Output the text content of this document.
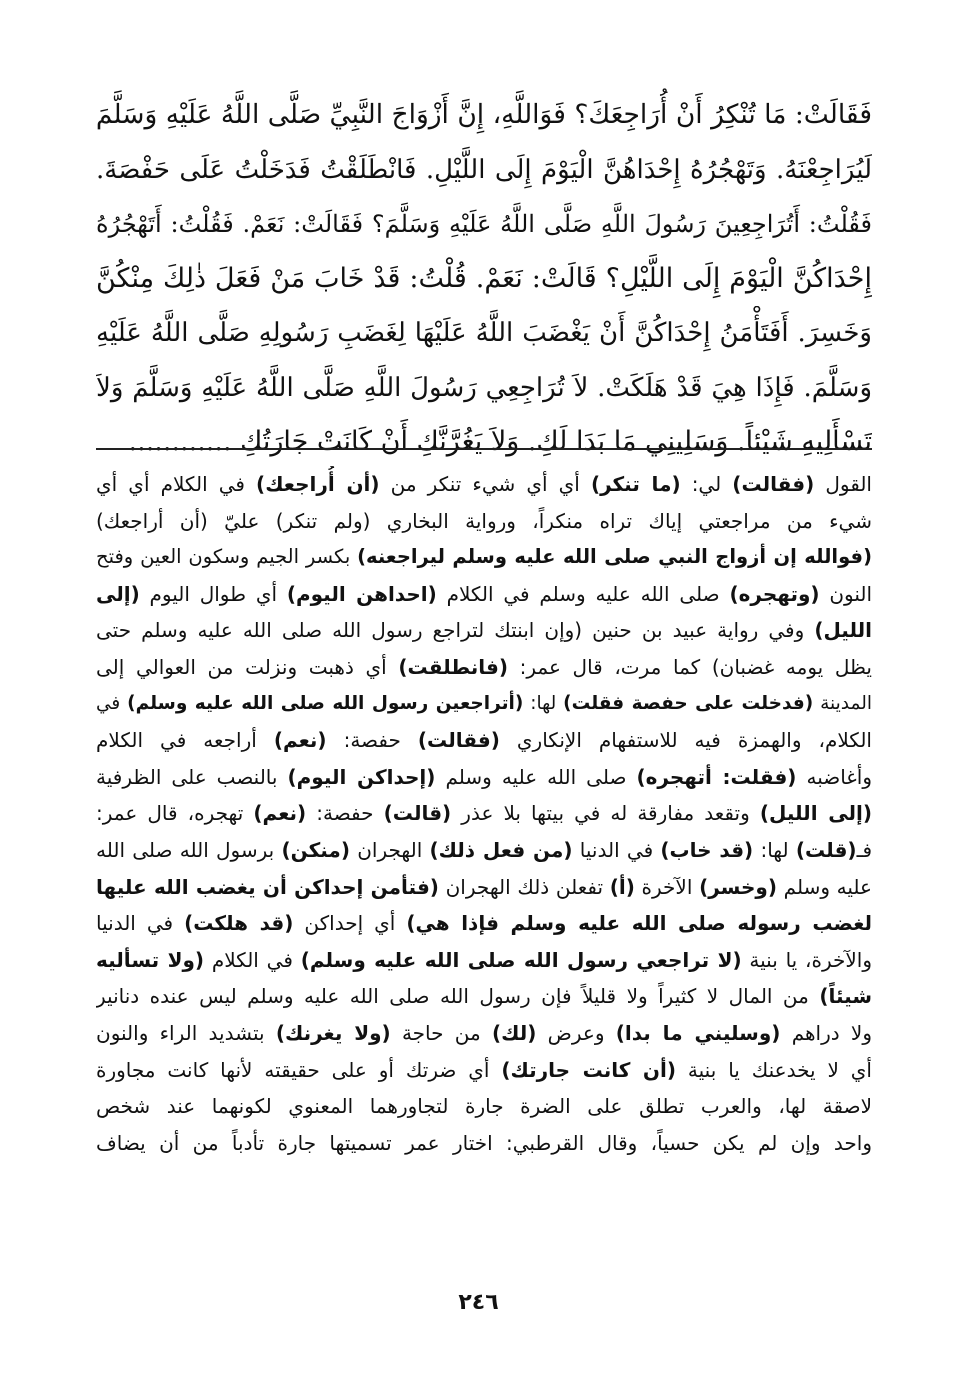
فَقَالَتْ: مَا تُنْكِرُ أَنْ أُرَاجِعَكَ؟ فَوَاللَّهِ، إِنَّ أَزْوَاجَ النَّبِيِّ صَلَّى اللَّهُ عَلَيْهِ وَسَلَّمَ
لَيُرَاجِعْنَهُ. وَتَهْجُرُهُ إِحْدَاهُنَّ الْيَوْمَ إِلَى اللَّيْلِ. فَانْطَلَقْتُ فَدَخَلْتُ عَلَى حَفْصَةَ.
فَقُلْتُ: أَتُرَاجِعِينَ رَسُولَ اللَّهِ صَلَّى اللَّهُ عَلَيْهِ وَسَلَّمَ؟ فَقَالَتْ: نَعَمْ. فَقُلْتُ: أَتَهْجُرُهُ
إِحْدَاكُنَّ الْيَوْمَ إِلَى اللَّيْلِ؟ قَالَتْ: نَعَمْ. قُلْتُ: قَدْ خَابَ مَنْ فَعَلَ ذٰلِكَ مِنْكُنَّ
وَخَسِرَ. أَفَتَأْمَنُ إِحْدَاكُنَّ أَنْ يَغْضَبَ اللَّهُ عَلَيْهَا لِغَضَبِ رَسُولِهِ صَلَّى اللَّهُ عَلَيْهِ
وَسَلَّمَ. فَإِذَا هِيَ قَدْ هَلَكَتْ. لاَ تُرَاجِعِي رَسُولَ اللَّهِ صَلَّى اللَّهُ عَلَيْهِ وَسَلَّمَ وَلاَ
تَسْأَلِيهِ شَيْئاً. وَسَلِينِي مَا بَدَا لَكِ. وَلاَ يَغُرَّنَّكِ أَنْ كَانَتْ جَارَتُكِ ............
القول (فقالت) لي: (ما تنكر) أي أي شيء تنكر من (أن أُراجعك) في الكلام أي أي
شيء من مراجعتي إياك تراه منكراً، ورواية البخاري (ولم تنكر) عليّ (أن أراجعك)
(فوالله إن أزواج النبي صلى الله عليه وسلم ليراجعنه) بكسر الجيم وسكون العين وفتح
النون (وتهجره) صلى الله عليه وسلم في الكلام (احداهن اليوم) أي طوال اليوم (إلى
الليل) وفي رواية عبيد بن حنين (وإن ابنتك لتراجع رسول الله صلى الله عليه وسلم حتى
يظل يومه غضبان) كما مرت، قال عمر: (فانطلقت) أي ذهبت ونزلت من العوالي إلى
المدينة (فدخلت على حفصة فقلت) لها: (أتراجعين رسول الله صلى الله عليه وسلم) في
الكلام، والهمزة فيه للاستفهام الإنكاري (فقالت) حفصة: (نعم) أراجعه في الكلام
وأغاضبه (فقلت: أتهجره) صلى الله عليه وسلم (إحداكن اليوم) بالنصب على الظرفية
(إلى الليل) وتقعد مفارقة له في بيتها بلا عذر (قالت) حفصة: (نعم) تهجره، قال عمر:
فـ(قلت) لها: (قد خاب) في الدنيا (من فعل ذلك) الهجران (منكن) برسول الله صلى الله
عليه وسلم (وخسر) الآخرة (أ) تفعلن ذلك الهجران (فتأمن إحداكن أن يغضب الله عليها
لغضب رسوله صلى الله عليه وسلم فإذا هي) أي إحداكن (قد هلكت) في الدنيا
والآخرة، يا بنية (لا تراجعي رسول الله صلى الله عليه وسلم) في الكلام (ولا تسأليه
شيئاً) من المال لا كثيراً ولا قليلاً فإن رسول الله صلى الله عليه وسلم ليس عنده دنانير
ولا دراهم (وسليني ما بدا) وعرض (لك) من حاجة (ولا يغرنك) بتشديد الراء والنون
أي لا يخدعنك يا بنية (أن كانت جارتك) أي ضرتك أو على حقيقته لأنها كانت مجاورة
لاصقة لها، والعرب تطلق على الضرة جارة لتجاورهما المعنوي لكونهما عند شخص
واحد وإن لم يكن حسياً، وقال القرطبي: اختار عمر تسميتها جارة تأدباً من أن يضاف
٢٤٦
